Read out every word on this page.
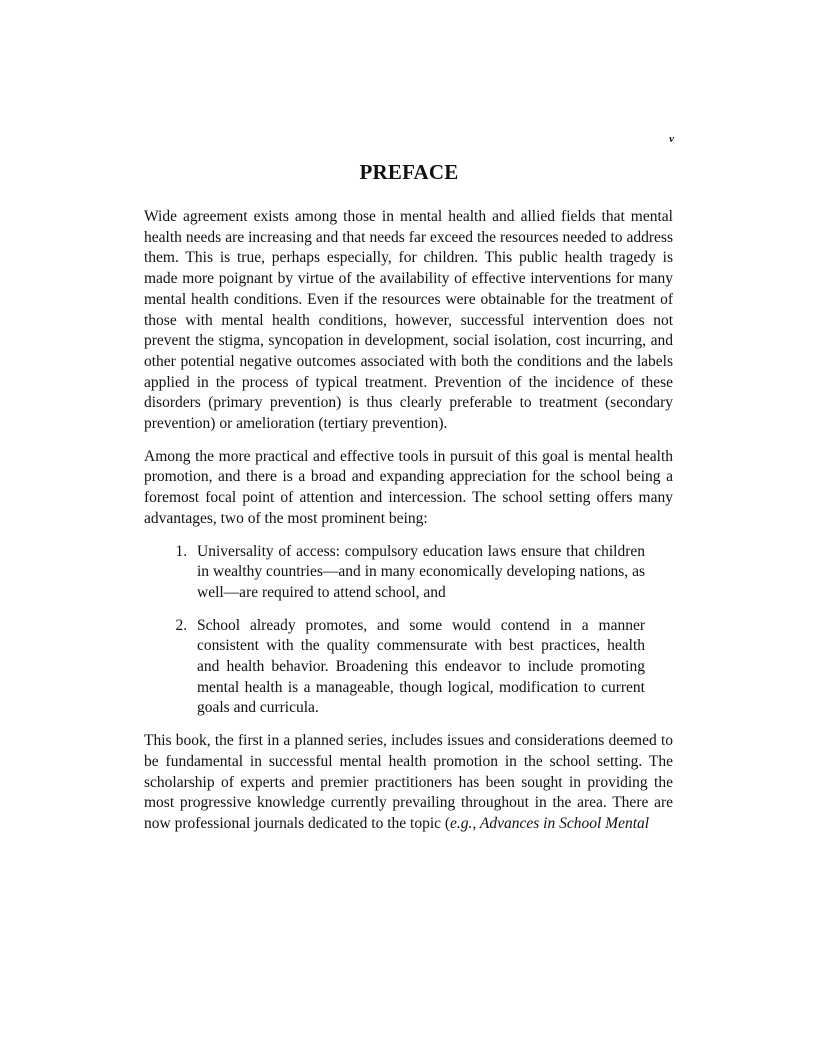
v
PREFACE

Wide agreement exists among those in mental health and allied fields that mental health needs are increasing and that needs far exceed the resources needed to address them. This is true, perhaps especially, for children. This public health tragedy is made more poignant by virtue of the availability of effective interventions for many mental health conditions. Even if the resources were obtainable for the treatment of those with mental health conditions, however, successful intervention does not prevent the stigma, syncopation in development, social isolation, cost incurring, and other potential negative outcomes associated with both the conditions and the labels applied in the process of typical treatment. Prevention of the incidence of these disorders (primary prevention) is thus clearly preferable to treatment (secondary prevention) or amelioration (tertiary prevention).

Among the more practical and effective tools in pursuit of this goal is mental health promotion, and there is a broad and expanding appreciation for the school being a foremost focal point of attention and intercession. The school setting offers many advantages, two of the most prominent being:

1. Universality of access: compulsory education laws ensure that children in wealthy countries—and in many economically developing nations, as well—are required to attend school, and
2. School already promotes, and some would contend in a manner consistent with the quality commensurate with best practices, health and health behavior. Broadening this endeavor to include promoting mental health is a manageable, though logical, modification to current goals and curricula.

This book, the first in a planned series, includes issues and considerations deemed to be fundamental in successful mental health promotion in the school setting. The scholarship of experts and premier practitioners has been sought in providing the most progressive knowledge currently prevailing throughout in the area. There are now professional journals dedicated to the topic (e.g., Advances in School Mental
